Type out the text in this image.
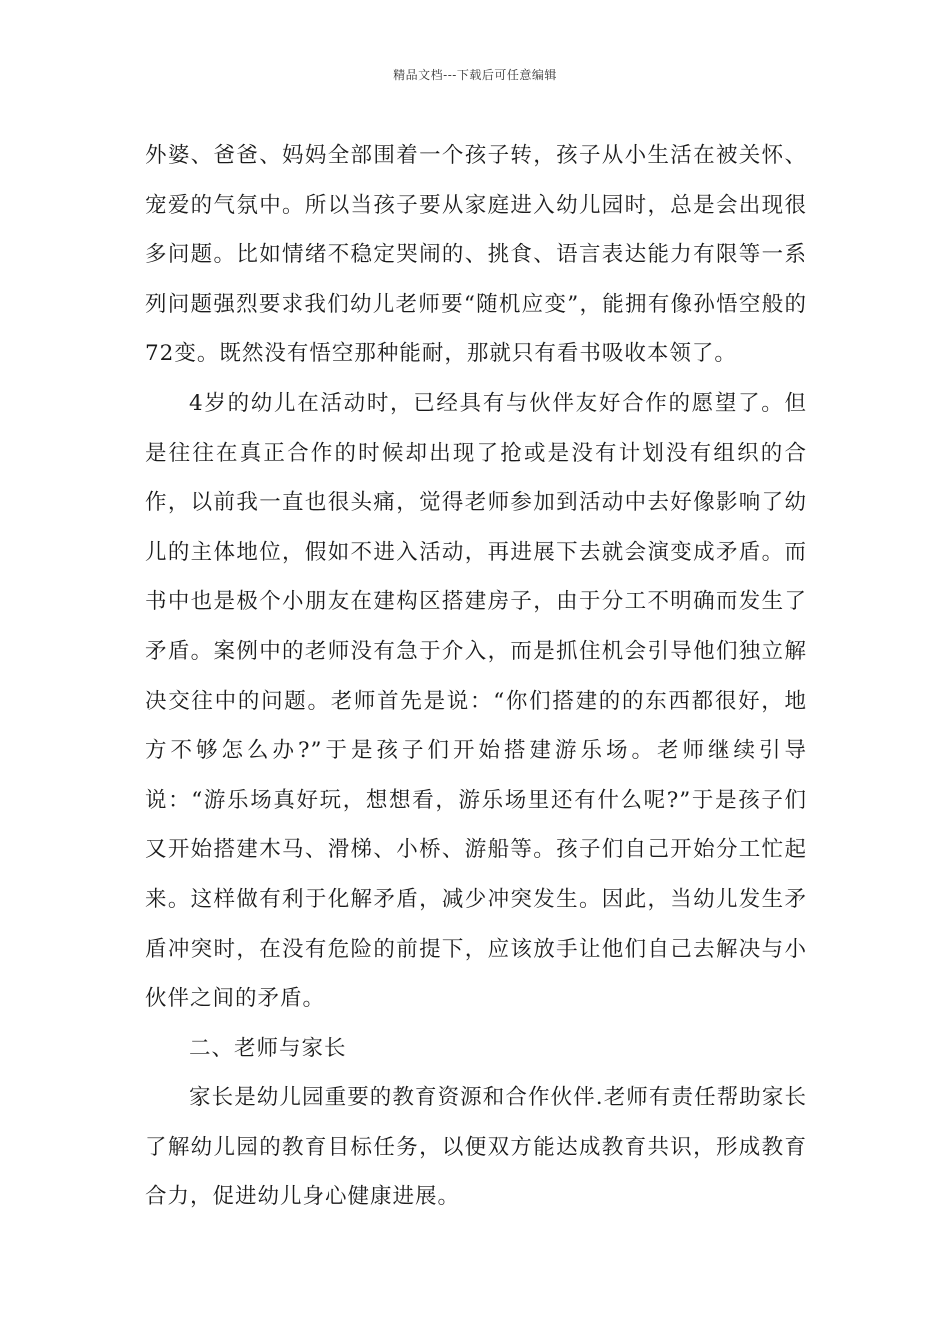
精品文档---下载后可任意编辑

外婆、爸爸、妈妈全部围着一个孩子转，孩子从小生活在被关怀、宠爱的气氛中。所以当孩子要从家庭进入幼儿园时，总是会出现很多问题。比如情绪不稳定哭闹的、挑食、语言表达能力有限等一系列问题强烈要求我们幼儿老师要“随机应变”，能拥有像孙悟空般的72变。既然没有悟空那种能耐，那就只有看书吸收本领了。

4岁的幼儿在活动时，已经具有与伙伴友好合作的愿望了。但是往往在真正合作的时候却出现了抢或是没有计划没有组织的合作，以前我一直也很头痛，觉得老师参加到活动中去好像影响了幼儿的主体地位，假如不进入活动，再进展下去就会演变成矛盾。而书中也是极个小朋友在建构区搭建房子，由于分工不明确而发生了矛盾。案例中的老师没有急于介入，而是抓住机会引导他们独立解决交往中的问题。老师首先是说：“你们搭建的的东西都很好，地方不够怎么办?”于是孩子们开始搭建游乐场。老师继续引导说：“游乐场真好玩，想想看，游乐场里还有什么呢?”于是孩子们又开始搭建木马、滑梯、小桥、游船等。孩子们自己开始分工忙起来。这样做有利于化解矛盾，减少冲突发生。因此，当幼儿发生矛盾冲突时，在没有危险的前提下，应该放手让他们自己去解决与小伙伴之间的矛盾。

二、老师与家长

家长是幼儿园重要的教育资源和合作伙伴.老师有责任帮助家长了解幼儿园的教育目标任务，以便双方能达成教育共识，形成教育合力，促进幼儿身心健康进展。
